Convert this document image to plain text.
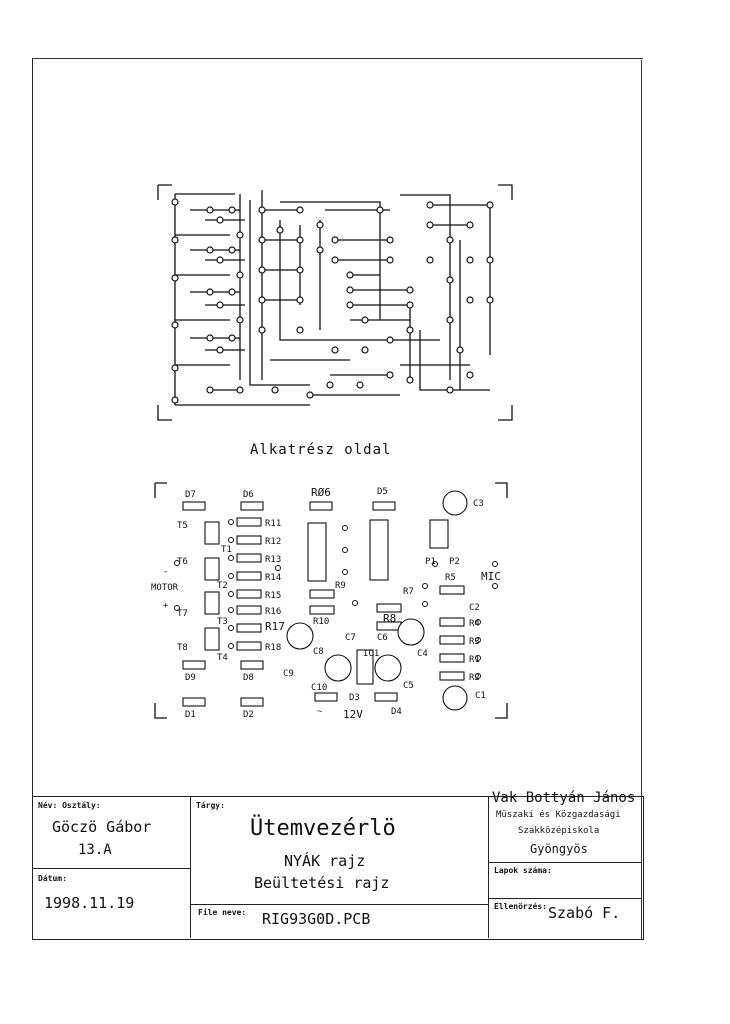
Alkatrész oldal
D7	D6	RØ6	D5
C3
T5
T1
T6
T2
T7
T3
T8
T4
MOTOR
-
+
R11
R12
R13
R14
R15
R16
R17
R18
R9
R10
R7
R8
P1 P2
R5 MIC
C2
R4
R3
R1
R2
C1
C4
C5
C6
C7
C8
C9
C10
IC1
D8
D9
D1	D2
D3
D4
12V
~
Név: Osztály:
Göczö Gábor
13.A
Dátum:
1998.11.19
Tárgy:
Ütemvezérlö
NYÁK rajz
Beültetési rajz
File neve: RIG93G0D.PCB
Vak Bottyán János
Müszaki és Közgazdasági
Szakközépiskola
Gyöngyös
Lapok száma:
Ellenörzés: Szabó F.
